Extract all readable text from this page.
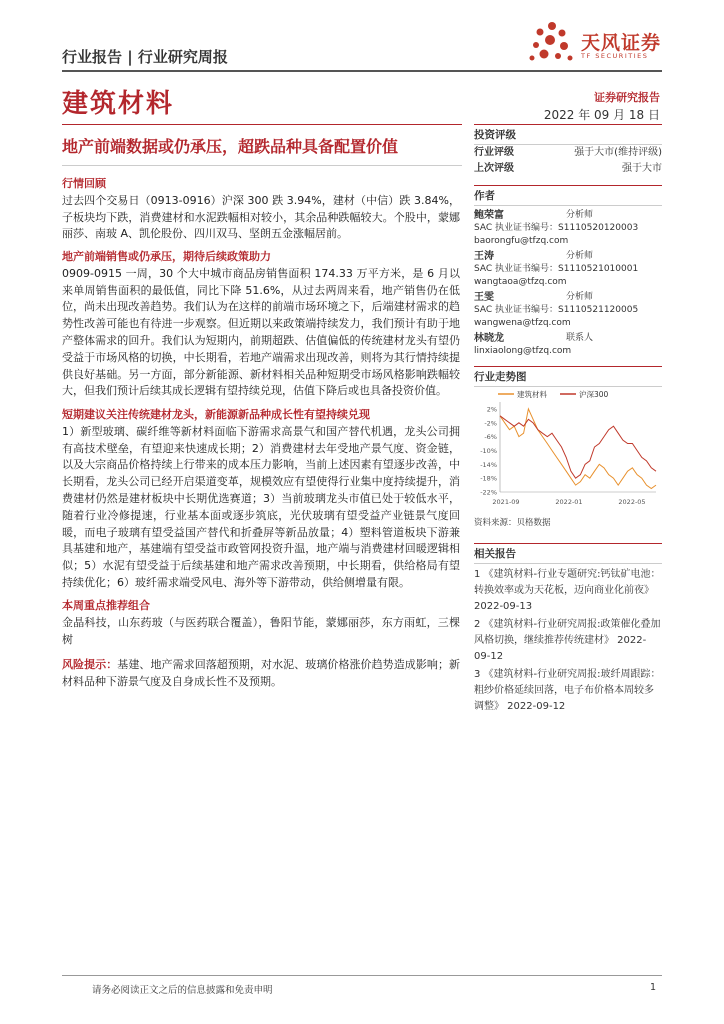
行业报告 | 行业研究周报
天风证券
TF SECURITIES
建筑材料	证券研究报告
2022 年 09 月 18 日
地产前端数据或仍承压，超跌品种具备配置价值
行情回顾
过去四个交易日（0913-0916）沪深 300 跌 3.94%，建材（中信）跌 3.84%，子板块均下跌，消费建材和水泥跌幅相对较小，其余品种跌幅较大。个股中，蒙娜丽莎、南玻 A、凯伦股份、四川双马、坚朗五金涨幅居前。
地产前端销售或仍承压，期待后续政策助力
0909-0915 一周，30 个大中城市商品房销售面积 174.33 万平方米，是 6 月以来单周销售面积的最低值，同比下降 51.6%，从过去两周来看，地产销售仍在低位，尚未出现改善趋势。我们认为在这样的前端市场环境之下，后端建材需求的趋势性改善可能也有待进一步观察。但近期以来政策端持续发力，我们预计有助于地产整体需求的回升。我们认为短期内，前期超跌、估值偏低的传统建材龙头有望仍受益于市场风格的切换，中长期看，若地产端需求出现改善，则将为其行情持续提供良好基础。另一方面，部分新能源、新材料相关品种短期受市场风格影响跌幅较大，但我们预计后续其成长逻辑有望持续兑现，估值下降后或也具备投资价值。
短期建议关注传统建材龙头，新能源新品种成长性有望持续兑现
1）新型玻璃、碳纤维等新材料面临下游需求高景气和国产替代机遇，龙头公司拥有高技术壁垒，有望迎来快速成长期；2）消费建材去年受地产景气度、资金链，以及大宗商品价格持续上行带来的成本压力影响，当前上述因素有望逐步改善，中长期看，龙头公司已经开启渠道变革，规模效应有望使得行业集中度持续提升，消费建材仍然是建材板块中长期优选赛道；3）当前玻璃龙头市值已处于较低水平，随着行业冷修提速，行业基本面或逐步筑底，光伏玻璃有望受益产业链景气度回暖，而电子玻璃有望受益国产替代和折叠屏等新品放量；4）塑料管道板块下游兼具基建和地产，基建端有望受益市政管网投资升温，地产端与消费建材回暖逻辑相似；5）水泥有望受益于后续基建和地产需求改善预期，中长期看，供给格局有望持续优化；6）玻纤需求端受风电、海外等下游带动，供给侧增量有限。
本周重点推荐组合
金晶科技，山东药玻（与医药联合覆盖），鲁阳节能，蒙娜丽莎，东方雨虹，三棵树
风险提示：基建、地产需求回落超预期，对水泥、玻璃价格涨价趋势造成影响；新材料品种下游景气度及自身成长性不及预期。
投资评级
行业评级	强于大市(维持评级)
上次评级	强于大市
作者
鲍荣富	分析师
SAC 执业证书编号：S1110520120003
baorongfu@tfzq.com
王涛	分析师
SAC 执业证书编号：S1110521010001
wangtaoa@tfzq.com
王雯	分析师
SAC 执业证书编号：S1110521120005
wangwena@tfzq.com
林晓龙	联系人
linxiaolong@tfzq.com
行业走势图
建筑材料	沪深300
2%
-2%
-6%
-10%
-14%
-18%
-22%
2021-09	2022-01	2022-05
资料来源：贝格数据
相关报告
1 《建筑材料-行业专题研究:钙钛矿电池：转换效率或为天花板，迈向商业化前夜》 2022-09-13
2 《建筑材料-行业研究周报:政策催化叠加风格切换，继续推荐传统建材》 2022-09-12
3 《建筑材料-行业研究周报:玻纤周跟踪：粗纱价格延续回落，电子布价格本周较多调整》 2022-09-12
请务必阅读正文之后的信息披露和免责申明	1
